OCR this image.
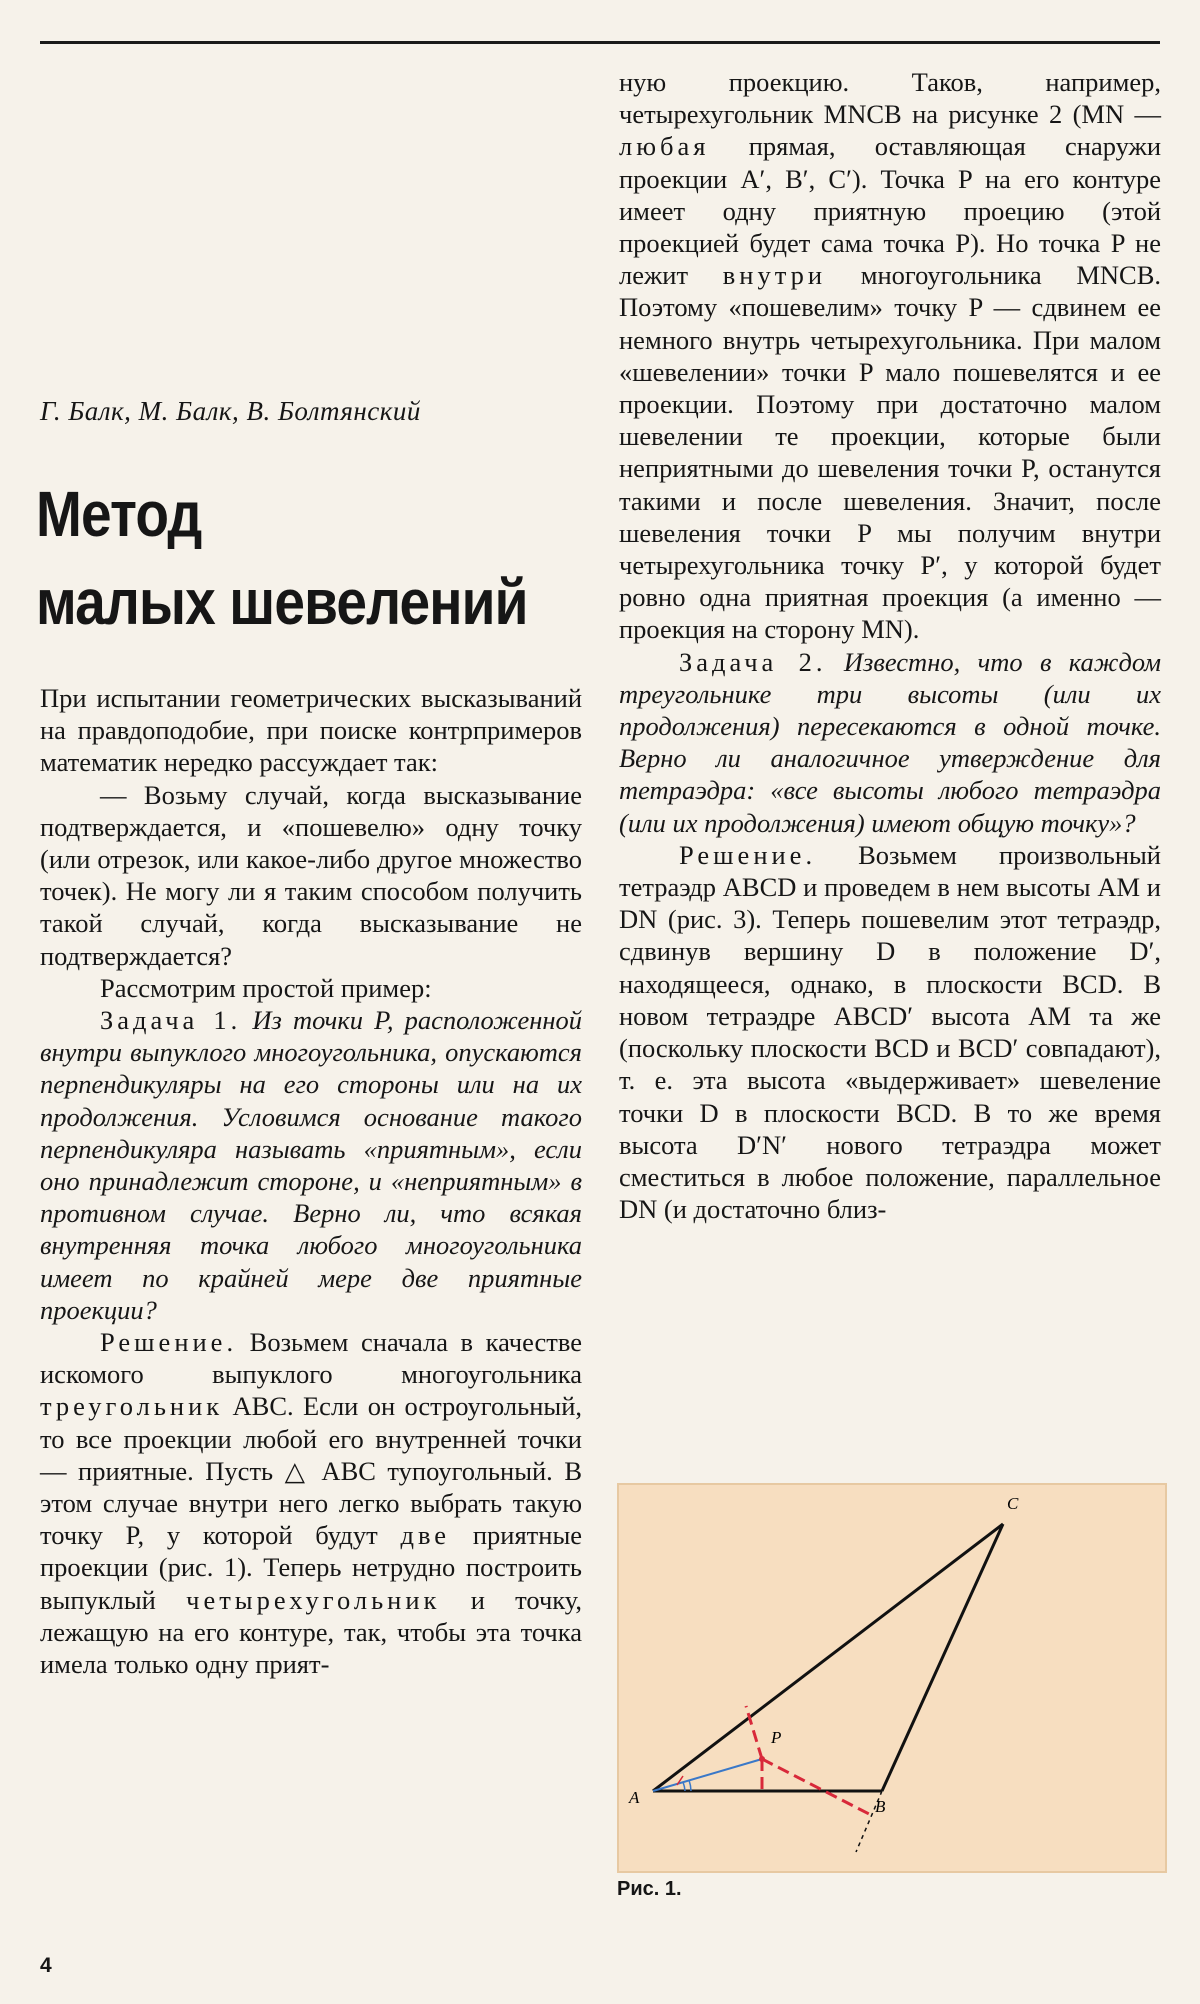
Г. Балк, М. Балк, В. Болтянский
Метод
малых шевелений

При испытании геометрических высказываний на правдоподобие, при поиске контрпримеров математик нередко рассуждает так:

— Возьму случай, когда высказывание подтверждается, и «пошевелю» одну точку (или отрезок, или какое-либо другое множество точек). Не могу ли я таким способом получить такой случай, когда высказывание не подтверждается?

Рассмотрим простой пример:

Задача 1. Из точки P, расположенной внутри выпуклого многоугольника, опускаются перпендикуляры на его стороны или на их продолжения. Условимся основание такого перпендикуляра называть «приятным», если оно принадлежит стороне, и «неприятным» в противном случае. Верно ли, что всякая внутренняя точка любого многоугольника имеет по крайней мере две приятные проекции?

Решение. Возьмем сначала в качестве искомого выпуклого многоугольника треугольник ABC. Если он остроугольный, то все проекции любой его внутренней точки — приятные. Пусть △ ABC тупоугольный. В этом случае внутри него легко выбрать такую точку P, у которой будут две приятные проекции (рис. 1). Теперь нетрудно построить выпуклый четырехугольник и точку, лежащую на его контуре, так, чтобы эта точка имела только одну прият-

ную проекцию. Таков, например, четырехугольник MNCB на рисунке 2 (MN — любая прямая, оставляющая снаружи проекции A′, B′, C′). Точка P на его контуре имеет одну приятную проецию (этой проекцией будет сама точка P). Но точка P не лежит внутри многоугольника MNCB. Поэтому «пошевелим» точку P — сдвинем ее немного внутрь четырехугольника. При малом «шевелении» точки P мало пошевелятся и ее проекции. Поэтому при достаточно малом шевелении те проекции, которые были неприятными до шевеления точки P, останутся такими и после шевеления. Значит, после шевеления точки P мы получим внутри четырехугольника точку P′, у которой будет ровно одна приятная проекция (а именно — проекция на сторону MN).

Задача 2. Известно, что в каждом треугольнике три высоты (или их продолжения) пересекаются в одной точке. Верно ли аналогичное утверждение для тетраэдра: «все высоты любого тетраэдра (или их продолжения) имеют общую точку»?

Решение. Возьмем произвольный тетраэдр ABCD и проведем в нем высоты AM и DN (рис. 3). Теперь пошевелим этот тетраэдр, сдвинув вершину D в положение D′, находящееся, однако, в плоскости BCD. В новом тетраэдре ABCD′ высота AM та же (поскольку плоскости BCD и BCD′ совпадают), т. е. эта высота «выдерживает» шевеление точки D в плоскости BCD. В то же время высота D′N′ нового тетраэдра может сместиться в любое положение, параллельное DN (и достаточно близ-

A	B
C
P
Рис. 1.
4
